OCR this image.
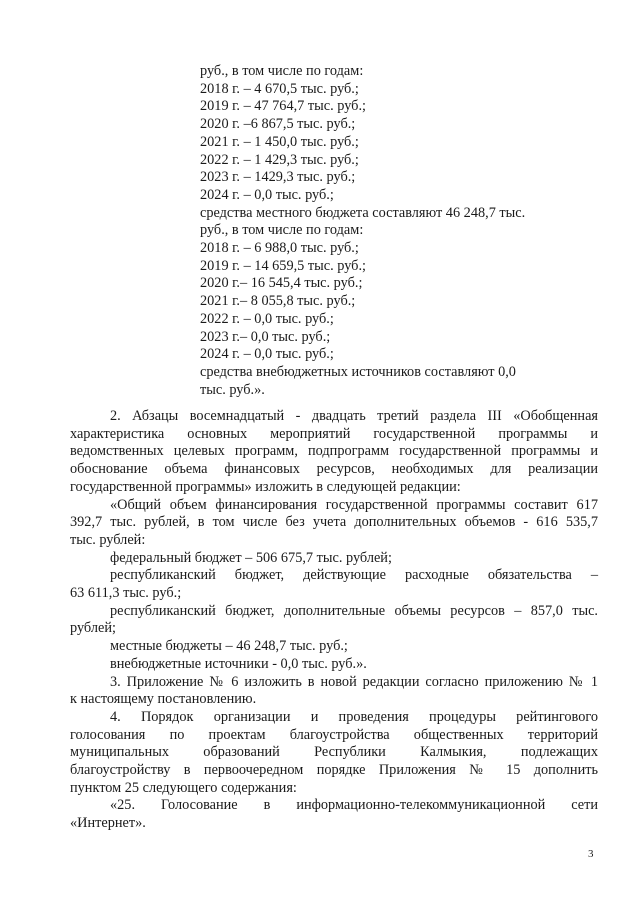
руб., в том числе по годам:
2018 г. – 4 670,5 тыс. руб.;
2019 г. – 47 764,7 тыс. руб.;
2020 г. –6 867,5 тыс. руб.;
2021 г. – 1 450,0 тыс. руб.;
2022 г. – 1 429,3 тыс. руб.;
2023 г. – 1429,3 тыс. руб.;
2024 г. – 0,0 тыс. руб.;
средства местного бюджета составляют 46 248,7 тыс.
руб., в том числе по годам:
2018 г. – 6 988,0 тыс. руб.;
2019 г. – 14 659,5 тыс. руб.;
2020 г.– 16 545,4 тыс. руб.;
2021 г.– 8 055,8 тыс. руб.;
2022 г. – 0,0 тыс. руб.;
2023 г.– 0,0 тыс. руб.;
2024 г. – 0,0 тыс. руб.;
средства внебюджетных источников составляют 0,0
тыс. руб.».
2. Абзацы восемнадцатый - двадцать третий раздела III «Обобщенная
характеристика основных мероприятий государственной программы и
ведомственных целевых программ, подпрограмм государственной программы и
обоснование объема финансовых ресурсов, необходимых для реализации
государственной программы» изложить в следующей редакции:
«Общий объем финансирования государственной программы составит 617
392,7 тыс. рублей, в том числе без учета дополнительных объемов - 616 535,7
тыс. рублей:
федеральный бюджет – 506 675,7 тыс. рублей;
республиканский бюджет, действующие расходные обязательства –
63 611,3 тыс. руб.;
республиканский бюджет, дополнительные объемы ресурсов – 857,0 тыс.
рублей;
местные бюджеты – 46 248,7 тыс. руб.;
внебюджетные источники - 0,0 тыс. руб.».
3. Приложение № 6 изложить в новой редакции согласно приложению № 1
к настоящему постановлению.
4. Порядок организации и проведения процедуры рейтингового
голосования по проектам благоустройства общественных территорий
муниципальных образований Республики Калмыкия, подлежащих
благоустройству в первоочередном порядке Приложения № 15 дополнить
пунктом 25 следующего содержания:
«25. Голосование в информационно-телекоммуникационной сети
«Интернет».
3
